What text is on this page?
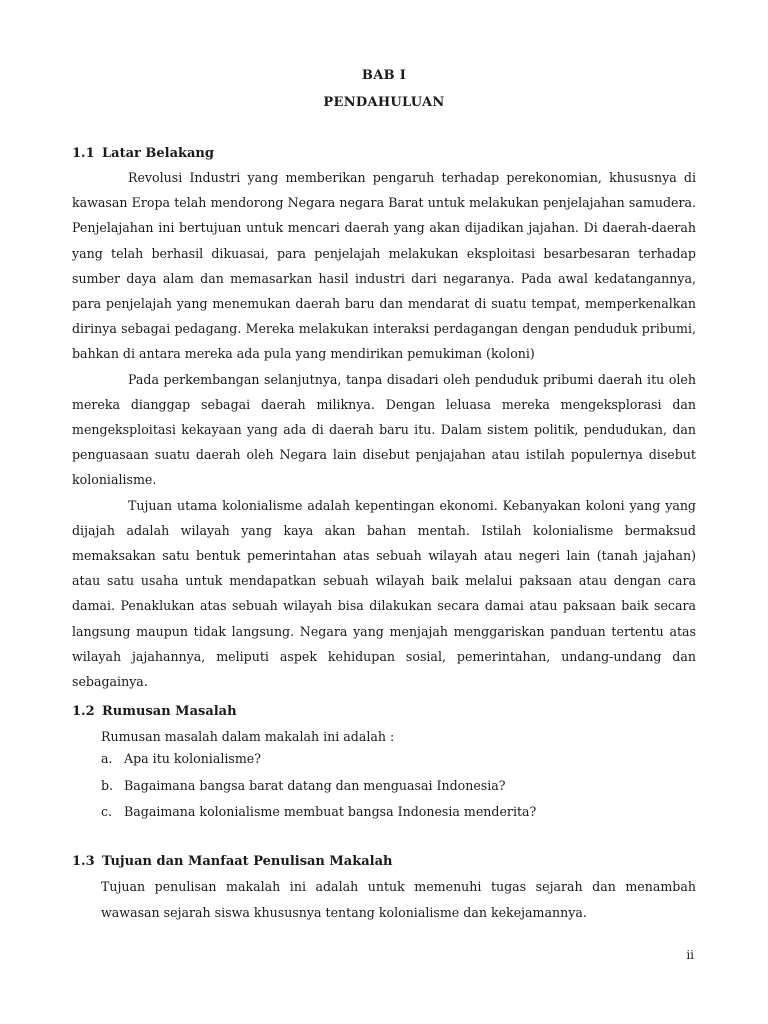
BAB I
PENDAHULUAN
1.1 Latar Belakang

Revolusi Industri yang memberikan pengaruh terhadap perekonomian, khususnya di kawasan Eropa telah mendorong Negara negara Barat untuk melakukan penjelajahan samudera. Penjelajahan ini bertujuan untuk mencari daerah yang akan dijadikan jajahan. Di daerah-daerah yang telah berhasil dikuasai, para penjelajah melakukan eksploitasi besarbesaran terhadap sumber daya alam dan memasarkan hasil industri dari negaranya. Pada awal kedatangannya, para penjelajah yang menemukan daerah baru dan mendarat di suatu tempat, memperkenalkan dirinya sebagai pedagang. Mereka melakukan interaksi perdagangan dengan penduduk pribumi, bahkan di antara mereka ada pula yang mendirikan pemukiman (koloni)

Pada perkembangan selanjutnya, tanpa disadari oleh penduduk pribumi daerah itu oleh mereka dianggap sebagai daerah miliknya. Dengan leluasa mereka mengeksplorasi dan mengeksploitasi kekayaan yang ada di daerah baru itu. Dalam sistem politik, pendudukan, dan penguasaan suatu daerah oleh Negara lain disebut penjajahan atau istilah populernya disebut kolonialisme.

Tujuan utama kolonialisme adalah kepentingan ekonomi. Kebanyakan koloni yang yang dijajah adalah wilayah yang kaya akan bahan mentah. Istilah kolonialisme bermaksud memaksakan satu bentuk pemerintahan atas sebuah wilayah atau negeri lain (tanah jajahan) atau satu usaha untuk mendapatkan sebuah wilayah baik melalui paksaan atau dengan cara damai. Penaklukan atas sebuah wilayah bisa dilakukan secara damai atau paksaan baik secara langsung maupun tidak langsung. Negara yang menjajah menggariskan panduan tertentu atas wilayah jajahannya, meliputi aspek kehidupan sosial, pemerintahan, undang-undang dan sebagainya.

1.2 Rumusan Masalah
Rumusan masalah dalam makalah ini adalah :
a. Apa itu kolonialisme?
b. Bagaimana bangsa barat datang dan menguasai Indonesia?
c. Bagaimana kolonialisme membuat bangsa Indonesia menderita?
1.3 Tujuan dan Manfaat Penulisan Makalah

Tujuan penulisan makalah ini adalah untuk memenuhi tugas sejarah dan menambah wawasan sejarah siswa khususnya tentang kolonialisme dan kekejamannya.

ii
